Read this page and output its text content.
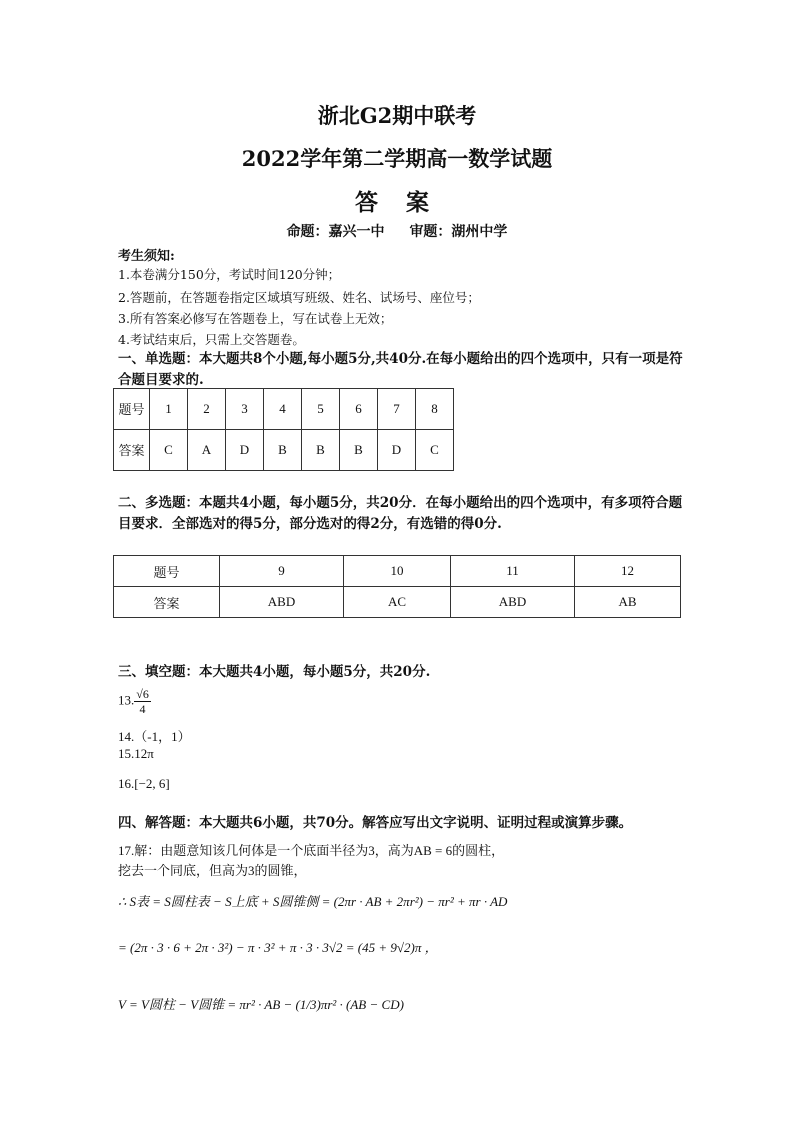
浙北G2期中联考
2022学年第二学期高一数学试题
答 案
命题：嘉兴一中 审题：湖州中学
考生须知:
1.本卷满分150分，考试时间120分钟；
2.答题前，在答题卷指定区域填写班级、姓名、试场号、座位号；
3.所有答案必修写在答题卷上，写在试卷上无效；
4.考试结束后，只需上交答题卷。
一、单选题：本大题共8个小题,每小题5分,共40分.在每小题给出的四个选项中，只有一项是符合题目要求的.
题号	1	2	3	4	5	6	7	8
答案	C	A	D	B	B	B	D	C
二、多选题：本题共4小题，每小题5分，共20分．在每小题给出的四个选项中，有多项符合题目要求．全部选对的得5分，部分选对的得2分，有选错的得0分.
题号	9	10	11	12
答案	ABD	AC	ABD	AB
三、填空题：本大题共4小题，每小题5分，共20分.
13. $\frac{√6}{4}$
14.（-1，1）
15.12π
16.[−2, 6]
四、解答题：本大题共6小题，共70分。解答应写出文字说明、证明过程或演算步骤。
17.解：由题意知该几何体是一个底面半径为3，高为AB = 6的圆柱，
挖去一个同底，但高为3的圆锥，
∴ S表 = S圆柱表 − S上底 + S圆锥侧 = (2πr · AB + 2πr²) − πr² + πr · AD
= (2π · 3 · 6 + 2π · 3²) − π · 3² + π · 3 · 3√2 = (45 + 9√2)π ，
V = V圆柱 − V圆锥 = πr² · AB − (1/3)πr² · (AB − CD)
